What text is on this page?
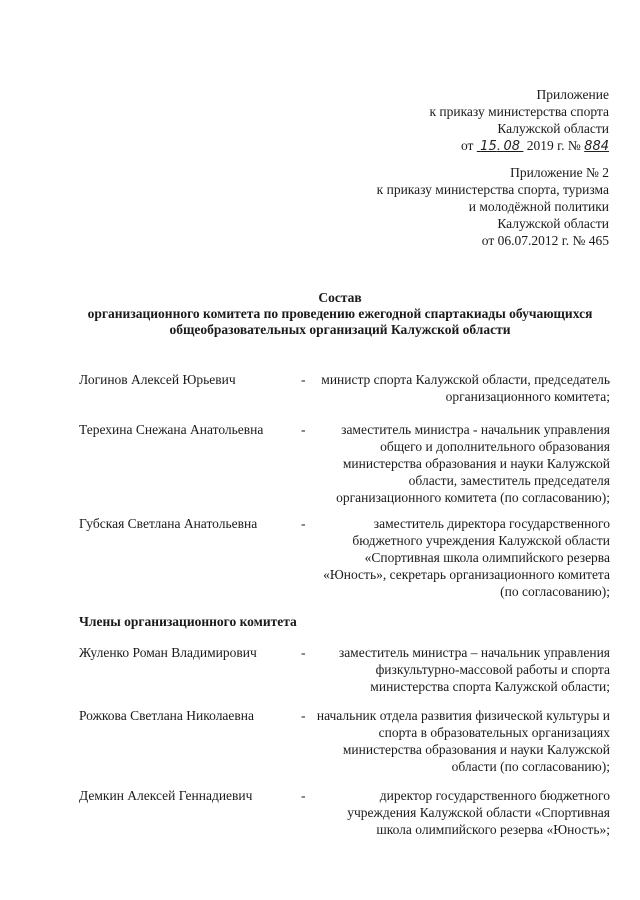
Приложение
к приказу министерства спорта
Калужской области
от 15. 08 2019 г. № 884
Приложение № 2
к приказу министерства спорта, туризма
и молодёжной политики
Калужской области
от 06.07.2012 г. № 465
Состав
организационного комитета по проведению ежегодной спартакиады обучающихся
общеобразовательных организаций Калужской области
Логинов Алексей Юрьевич	-	министр спорта Калужской области, председатель организационного комитета;
Терехина Снежана Анатольевна	-	заместитель министра - начальник управления общего и дополнительного образования министерства образования и науки Калужской области, заместитель председателя организационного комитета (по согласованию);
Губская Светлана Анатольевна	-	заместитель директора государственного бюджетного учреждения Калужской области «Спортивная школа олимпийского резерва «Юность», секретарь организационного комитета (по согласованию);
Члены организационного комитета
Жуленко Роман Владимирович	-	заместитель министра – начальник управления физкультурно-массовой работы и спорта министерства спорта Калужской области;
Рожкова Светлана Николаевна	- начальник отдела развития физической культуры и спорта в образовательных организациях министерства образования и науки Калужской области (по согласованию);
Демкин Алексей Геннадиевич	-	директор государственного бюджетного учреждения Калужской области «Спортивная школа олимпийского резерва «Юность»;
